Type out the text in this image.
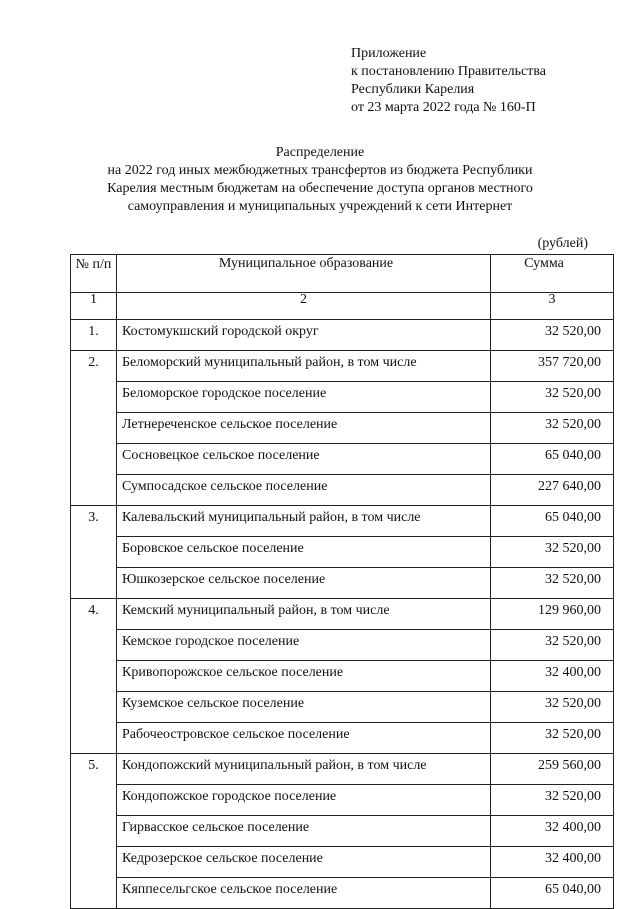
Приложение
к постановлению Правительства
Республики Карелия
от 23 марта 2022 года № 160-П
Распределение
на 2022 год иных межбюджетных трансфертов из бюджета Республики
Карелия местным бюджетам на обеспечение доступа органов местного
самоуправления и муниципальных учреждений к сети Интернет
(рублей)
№ п/п	Муниципальное образование	Сумма
1	2	3
1.	Костомукшский городской округ	32 520,00
2.	Беломорский муниципальный район, в том числе	357 720,00
	Беломорское городское поселение	32 520,00
	Летнереченское сельское поселение	32 520,00
	Сосновецкое сельское поселение	65 040,00
	Сумпосадское сельское поселение	227 640,00
3.	Калевальский муниципальный район, в том числе	65 040,00
	Боровское сельское поселение	32 520,00
	Юшкозерское сельское поселение	32 520,00
4.	Кемский муниципальный район, в том числе	129 960,00
	Кемское городское поселение	32 520,00
	Кривопорожское сельское поселение	32 400,00
	Куземское сельское поселение	32 520,00
	Рабочеостровское сельское поселение	32 520,00
5.	Кондопожский муниципальный район, в том числе	259 560,00
	Кондопожское городское поселение	32 520,00
	Гирвасское сельское поселение	32 400,00
	Кедрозерское сельское поселение	32 400,00
	Кяппесельгское сельское поселение	65 040,00
